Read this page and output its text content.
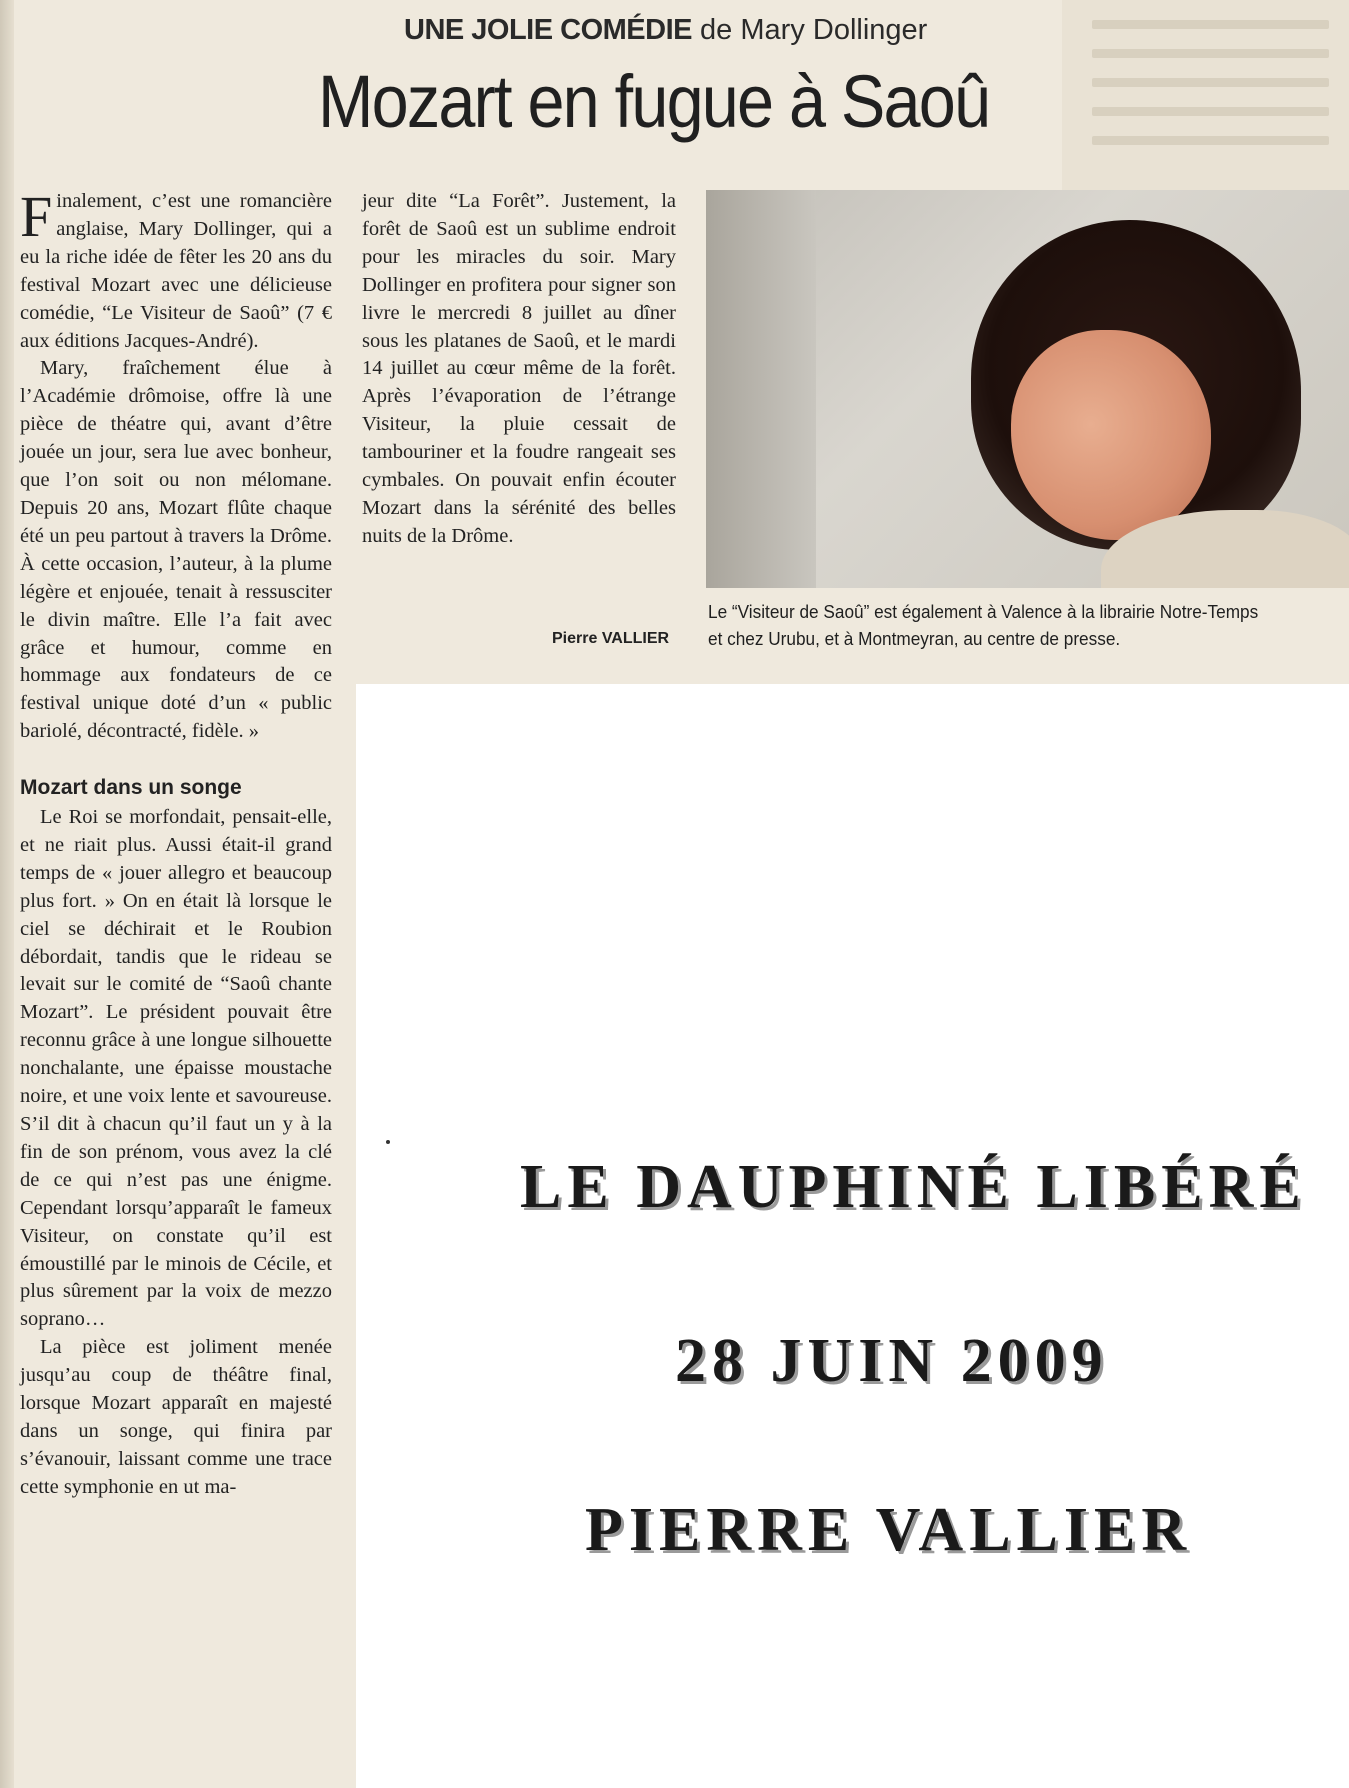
UNE JOLIE COMÉDIE de Mary Dollinger
Mozart en fugue à Saoû

Finalement, c’est une romancière anglaise, Mary Dollinger, qui a eu la riche idée de fêter les 20 ans du festival Mozart avec une délicieuse comédie, “Le Visiteur de Saoû” (7 € aux éditions Jacques-André).

Mary, fraîchement élue à l’Académie drômoise, offre là une pièce de théatre qui, avant d’être jouée un jour, sera lue avec bonheur, que l’on soit ou non mélomane. Depuis 20 ans, Mozart flûte chaque été un peu partout à travers la Drôme. À cette occasion, l’auteur, à la plume légère et enjouée, tenait à ressusciter le divin maître. Elle l’a fait avec grâce et humour, comme en hommage aux fondateurs de ce festival unique doté d’un « public bariolé, décontracté, fidèle. »

Mozart dans un songe

Le Roi se morfondait, pensait-elle, et ne riait plus. Aussi était-il grand temps de « jouer allegro et beaucoup plus fort. » On en était là lorsque le ciel se déchirait et le Roubion débordait, tandis que le rideau se levait sur le comité de “Saoû chante Mozart”. Le président pouvait être reconnu grâce à une longue silhouette nonchalante, une épaisse moustache noire, et une voix lente et savoureuse. S’il dit à chacun qu’il faut un y à la fin de son prénom, vous avez la clé de ce qui n’est pas une énigme. Cependant lorsqu’apparaît le fameux Visiteur, on constate qu’il est émoustillé par le minois de Cécile, et plus sûrement par la voix de mezzo soprano…

La pièce est joliment menée jusqu’au coup de théâtre final, lorsque Mozart apparaît en majesté dans un songe, qui finira par s’évanouir, laissant comme une trace cette symphonie en ut ma-

jeur dite “La Forêt”. Justement, la forêt de Saoû est un sublime endroit pour les miracles du soir. Mary Dollinger en profitera pour signer son livre le mercredi 8 juillet au dîner sous les platanes de Saoû, et le mardi 14 juillet au cœur même de la forêt. Après l’évaporation de l’étrange Visiteur, la pluie cessait de tambouriner et la foudre rangeait ses cymbales. On pouvait enfin écouter Mozart dans la sérénité des belles nuits de la Drôme.

Pierre VALLIER
Le “Visiteur de Saoû” est également à Valence à la librairie Notre-Temps
et chez Urubu, et à Montmeyran, au centre de presse.
LE DAUPHINÉ LIBÉRÉ
28 JUIN 2009
PIERRE VALLIER
